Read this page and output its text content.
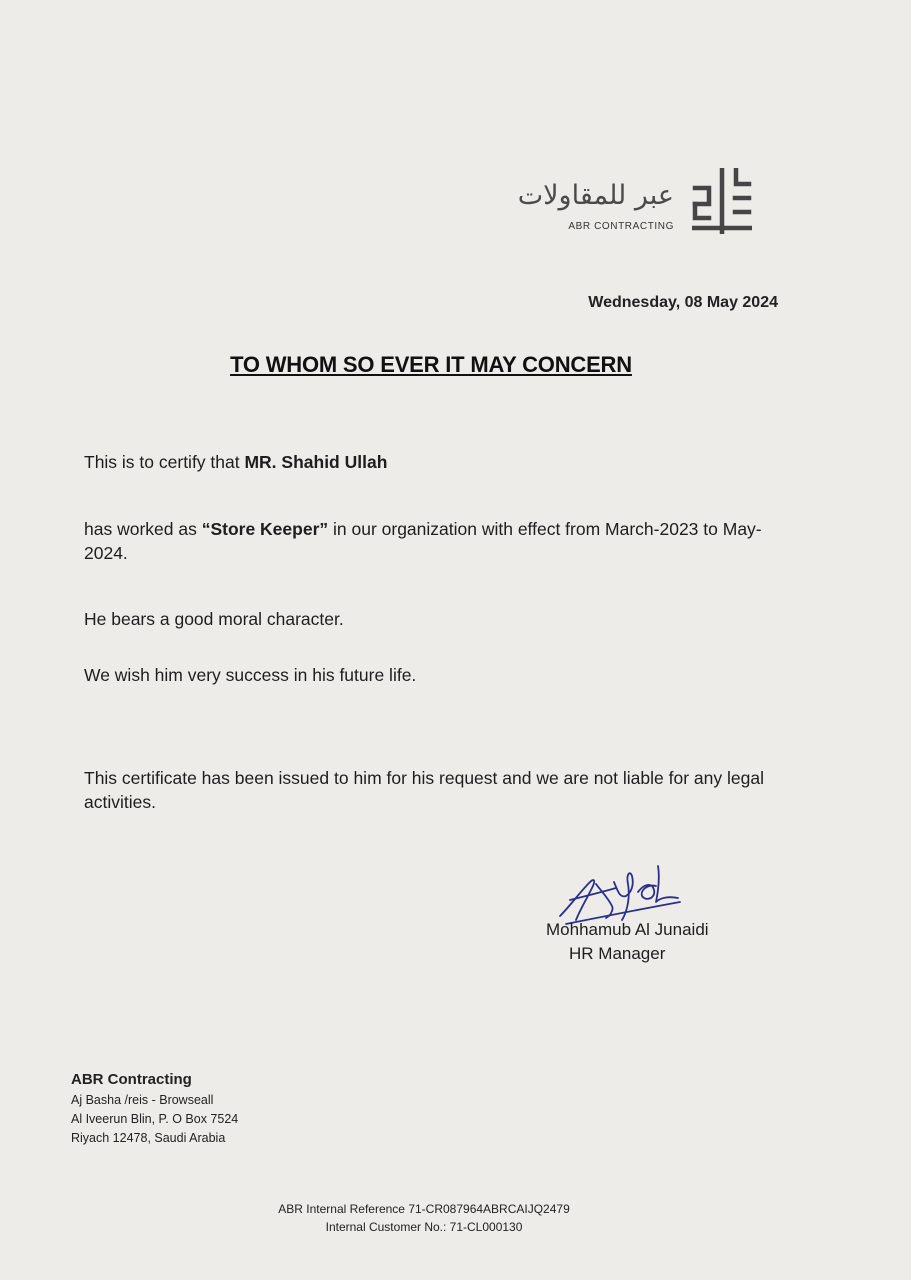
عبر للمقاولات
ABR CONTRACTING
Wednesday, 08 May 2024
TO WHOM SO EVER IT MAY CONCERN
This is to certify that MR. Shahid Ullah
has worked as “Store Keeper” in our organization with effect from March-2023 to May-2024.
He bears a good moral character.
We wish him very success in his future life.
This certificate has been issued to him for his request and we are not liable for any legal activities.
Mohhamub Al Junaidi
HR Manager
ABR Contracting
Aj Basha /reis - Browseall
Al Iveerun Blin, P. O Box 7524
Riyach 12478, Saudi Arabia
ABR Internal Reference 71-CR087964ABRCAIJQ2479
Internal Customer No.: 71-CL000130
